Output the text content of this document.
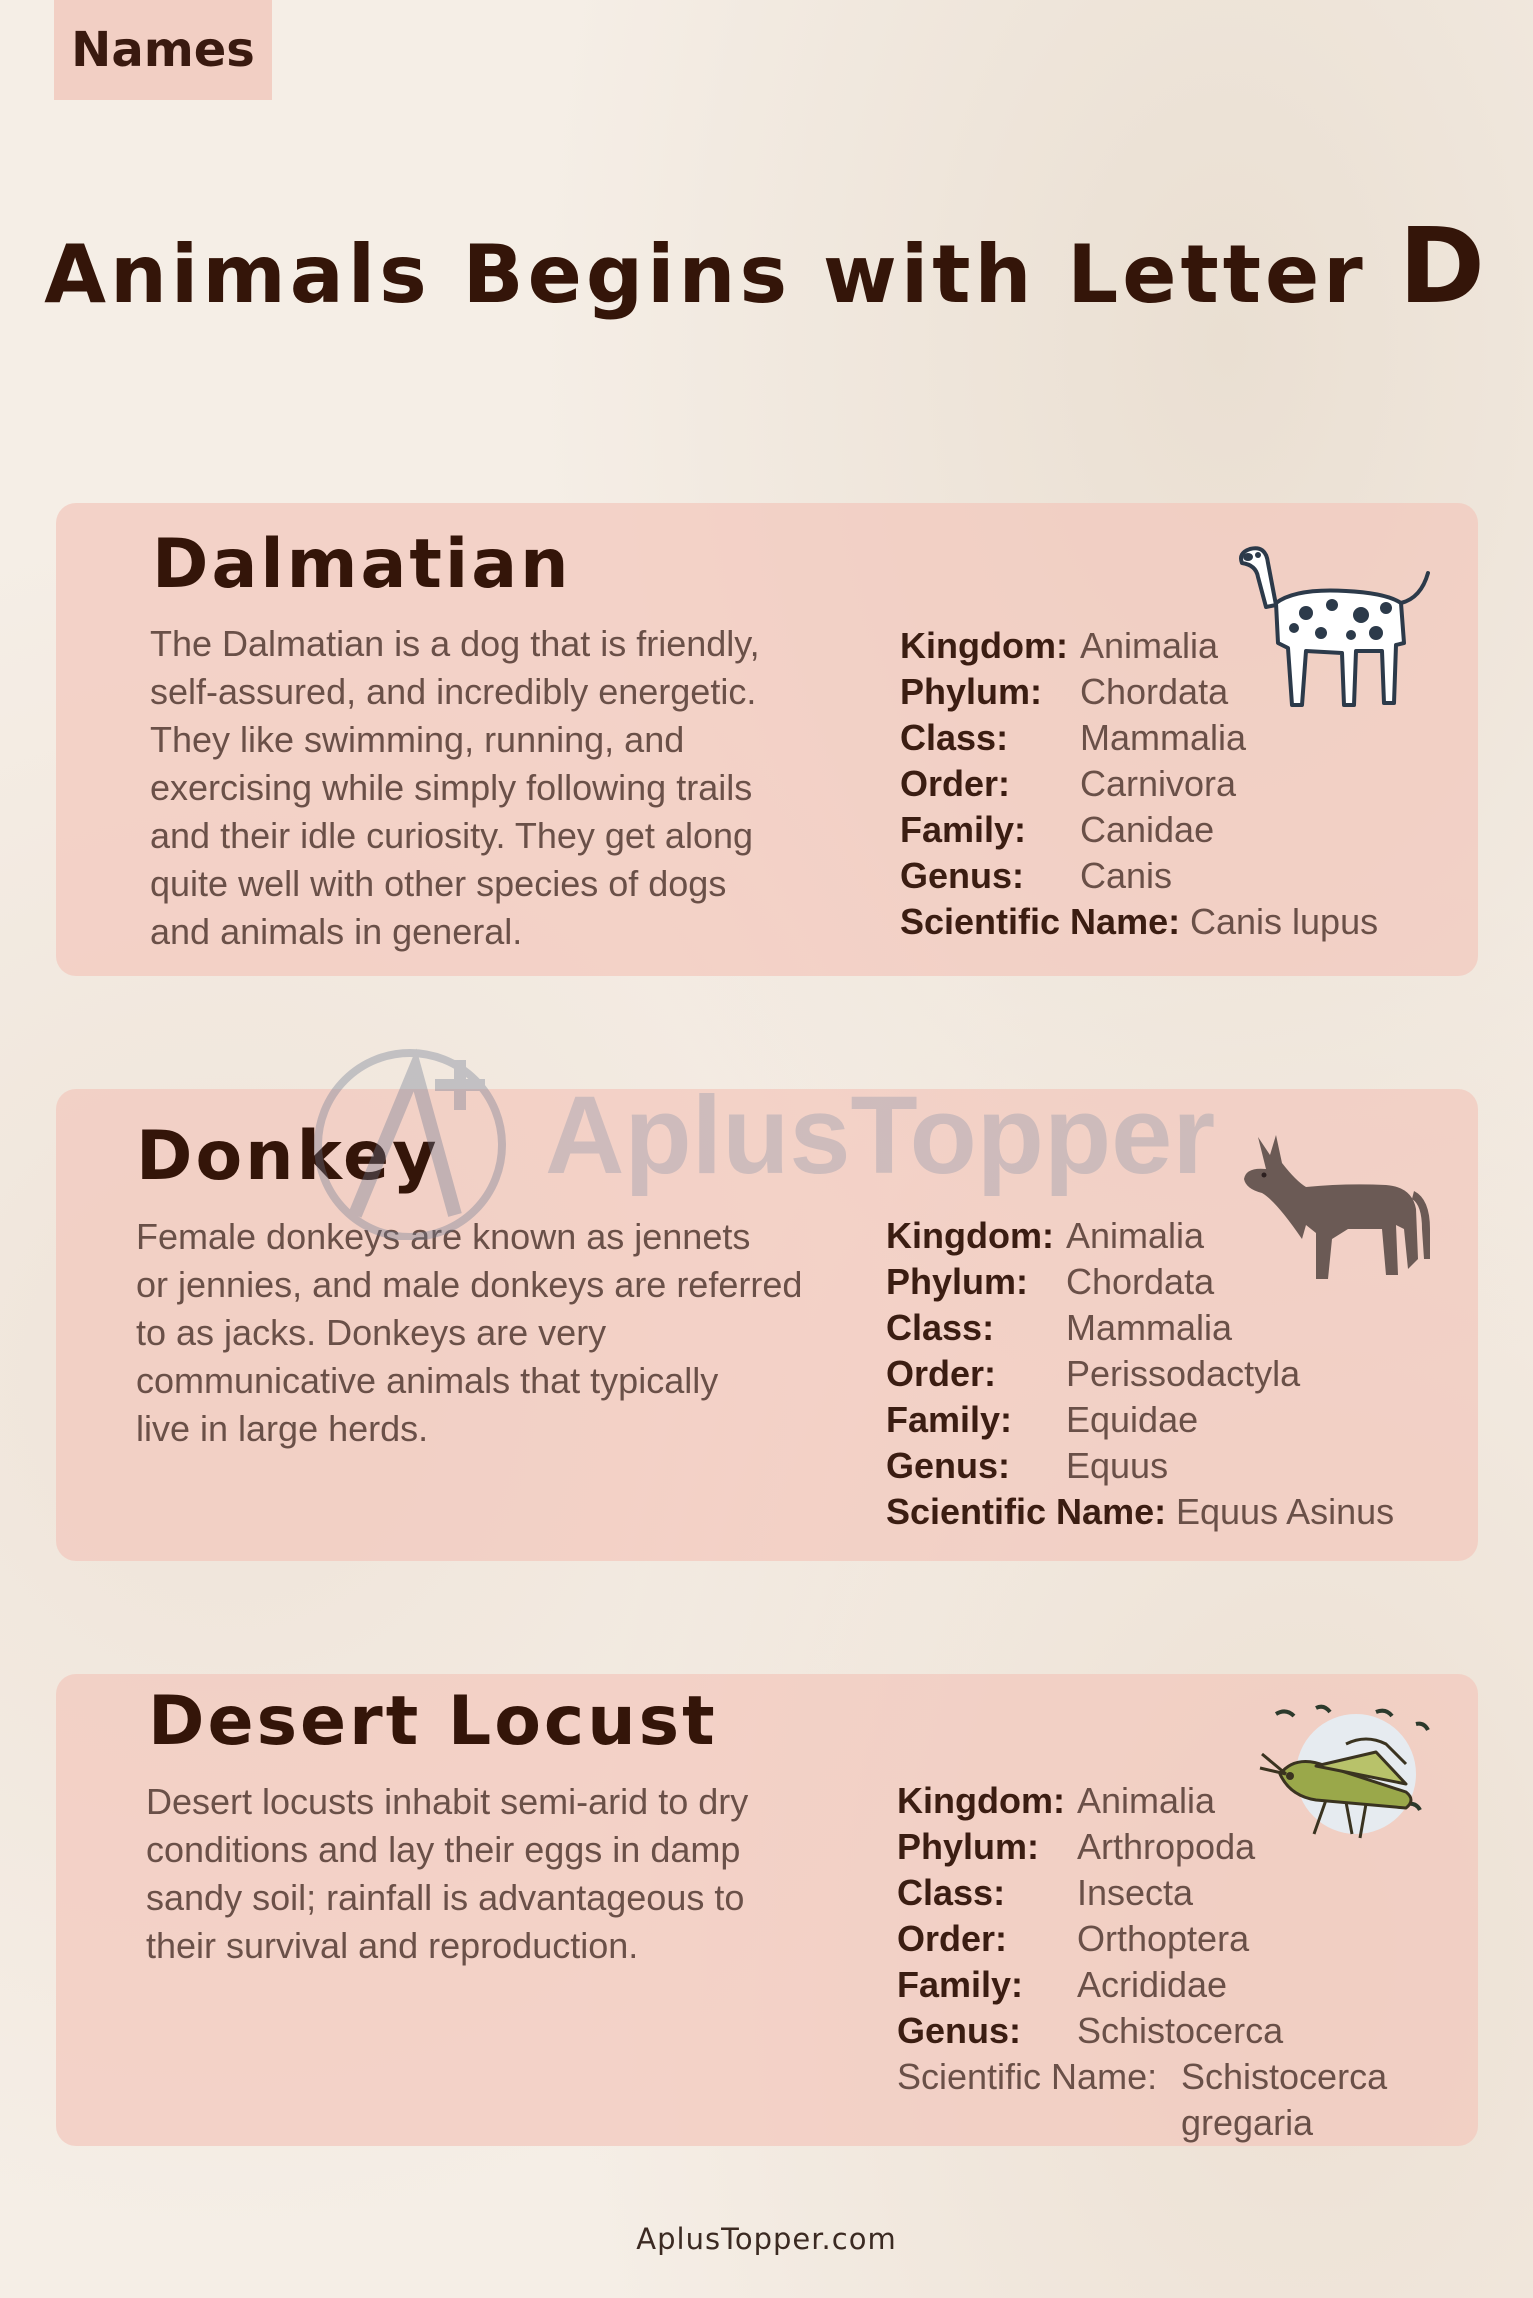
Names
Animals Begins with Letter D
Dalmatian

The Dalmatian is a dog that is friendly,

self-assured, and incredibly energetic.

They like swimming, running, and

exercising while simply following trails

and their idle curiosity. They get along

quite well with other species of dogs

and animals in general.

Kingdom: Animalia
Phylum:	Chordata
Class:	Mammalia
Order:	Carnivora
Family:	Canidae
Genus:	Canis
Scientific Name: Canis lupus
Donkey

Female donkeys are known as jennets

or jennies, and male donkeys are referred

to as jacks. Donkeys are very

communicative animals that typically

live in large herds.

Kingdom: Animalia
Phylum:	Chordata
Class:	Mammalia
Order:	Perissodactyla
Family:	Equidae
Genus:	Equus
Scientific Name: Equus Asinus
Desert Locust

Desert locusts inhabit semi-arid to dry

conditions and lay their eggs in damp

sandy soil; rainfall is advantageous to

their survival and reproduction.

Kingdom: Animalia
Phylum:	Arthropoda
Class:	Insecta
Order:	Orthoptera
Family:	Acrididae
Genus:	Schistocerca
Scientific Name: Schistocerca
gregaria
AplusTopper
AplusTopper.com
